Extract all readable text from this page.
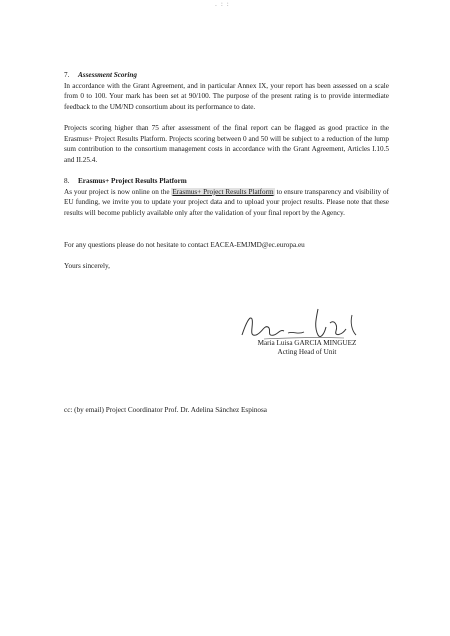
. : :
7. Assessment Scoring

In accordance with the Grant Agreement, and in particular Annex IX, your report has been assessed on a scale from 0 to 100. Your mark has been set at 90/100. The purpose of the present rating is to provide intermediate feedback to the UM/ND consortium about its performance to date.

Projects scoring higher than 75 after assessment of the final report can be flagged as good practice in the Erasmus+ Project Results Platform. Projects scoring between 0 and 50 will be subject to a reduction of the lump sum contribution to the consortium management costs in accordance with the Grant Agreement, Articles I.10.5 and II.25.4.

8. Erasmus+ Project Results Platform

As your project is now online on the Erasmus+ Project Results Platform to ensure transparency and visibility of EU funding, we invite you to update your project data and to upload your project results. Please note that these results will become publicly available only after the validation of your final report by the Agency.

For any questions please do not hesitate to contact EACEA-EMJMD@ec.europa.eu

Yours sincerely,

Maria Luisa GARCIA MINGUEZ
Acting Head of Unit
cc: (by email) Project Coordinator Prof. Dr. Adelina Sánchez Espinosa
